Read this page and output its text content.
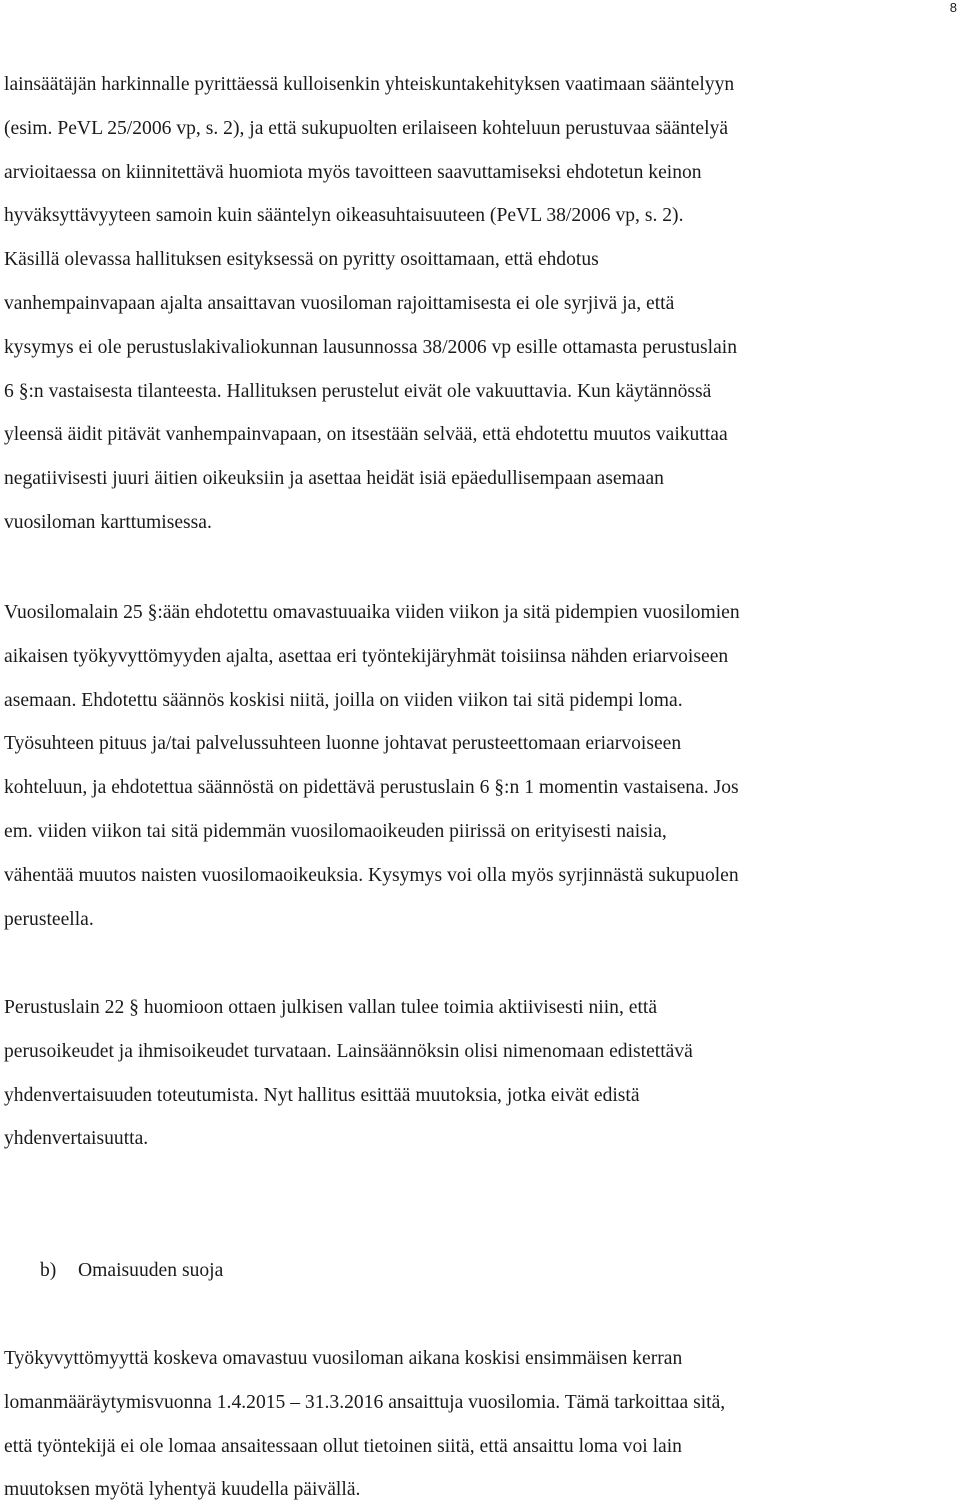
8
lainsäätäjän harkinnalle pyrittäessä kulloisenkin yhteiskuntakehityksen vaatimaan sääntelyyn
(esim. PeVL 25/2006 vp, s. 2), ja että sukupuolten erilaiseen kohteluun perustuvaa sääntelyä
arvioitaessa on kiinnitettävä huomiota myös tavoitteen saavuttamiseksi ehdotetun keinon
hyväksyttävyyteen samoin kuin sääntelyn oikeasuhtaisuuteen (PeVL 38/2006 vp, s. 2).
Käsillä olevassa hallituksen esityksessä on pyritty osoittamaan, että ehdotus
vanhempainvapaan ajalta ansaittavan vuosiloman rajoittamisesta ei ole syrjivä ja, että
kysymys ei ole perustuslakivaliokunnan lausunnossa 38/2006 vp esille ottamasta perustuslain
6 §:n vastaisesta tilanteesta. Hallituksen perustelut eivät ole vakuuttavia. Kun käytännössä
yleensä äidit pitävät vanhempainvapaan, on itsestään selvää, että ehdotettu muutos vaikuttaa
negatiivisesti juuri äitien oikeuksiin ja asettaa heidät isiä epäedullisempaan asemaan
vuosiloman karttumisessa.
Vuosilomalain 25 §:ään ehdotettu omavastuuaika viiden viikon ja sitä pidempien vuosilomien
aikaisen työkyvyttömyyden ajalta, asettaa eri työntekijäryhmät toisiinsa nähden eriarvoiseen
asemaan. Ehdotettu säännös koskisi niitä, joilla on viiden viikon tai sitä pidempi loma.
Työsuhteen pituus ja/tai palvelussuhteen luonne johtavat perusteettomaan eriarvoiseen
kohteluun, ja ehdotettua säännöstä on pidettävä perustuslain 6 §:n 1 momentin vastaisena. Jos
em. viiden viikon tai sitä pidemmän vuosilomaoikeuden piirissä on erityisesti naisia,
vähentää muutos naisten vuosilomaoikeuksia. Kysymys voi olla myös syrjinnästä sukupuolen
perusteella.
Perustuslain 22 § huomioon ottaen julkisen vallan tulee toimia aktiivisesti niin, että
perusoikeudet ja ihmisoikeudet turvataan. Lainsäännöksin olisi nimenomaan edistettävä
yhdenvertaisuuden toteutumista. Nyt hallitus esittää muutoksia, jotka eivät edistä
yhdenvertaisuutta.
b) Omaisuuden suoja
Työkyvyttömyyttä koskeva omavastuu vuosiloman aikana koskisi ensimmäisen kerran
lomanmääräytymisvuonna 1.4.2015 – 31.3.2016 ansaittuja vuosilomia. Tämä tarkoittaa sitä,
että työntekijä ei ole lomaa ansaitessaan ollut tietoinen siitä, että ansaittu loma voi lain
muutoksen myötä lyhentyä kuudella päivällä.
